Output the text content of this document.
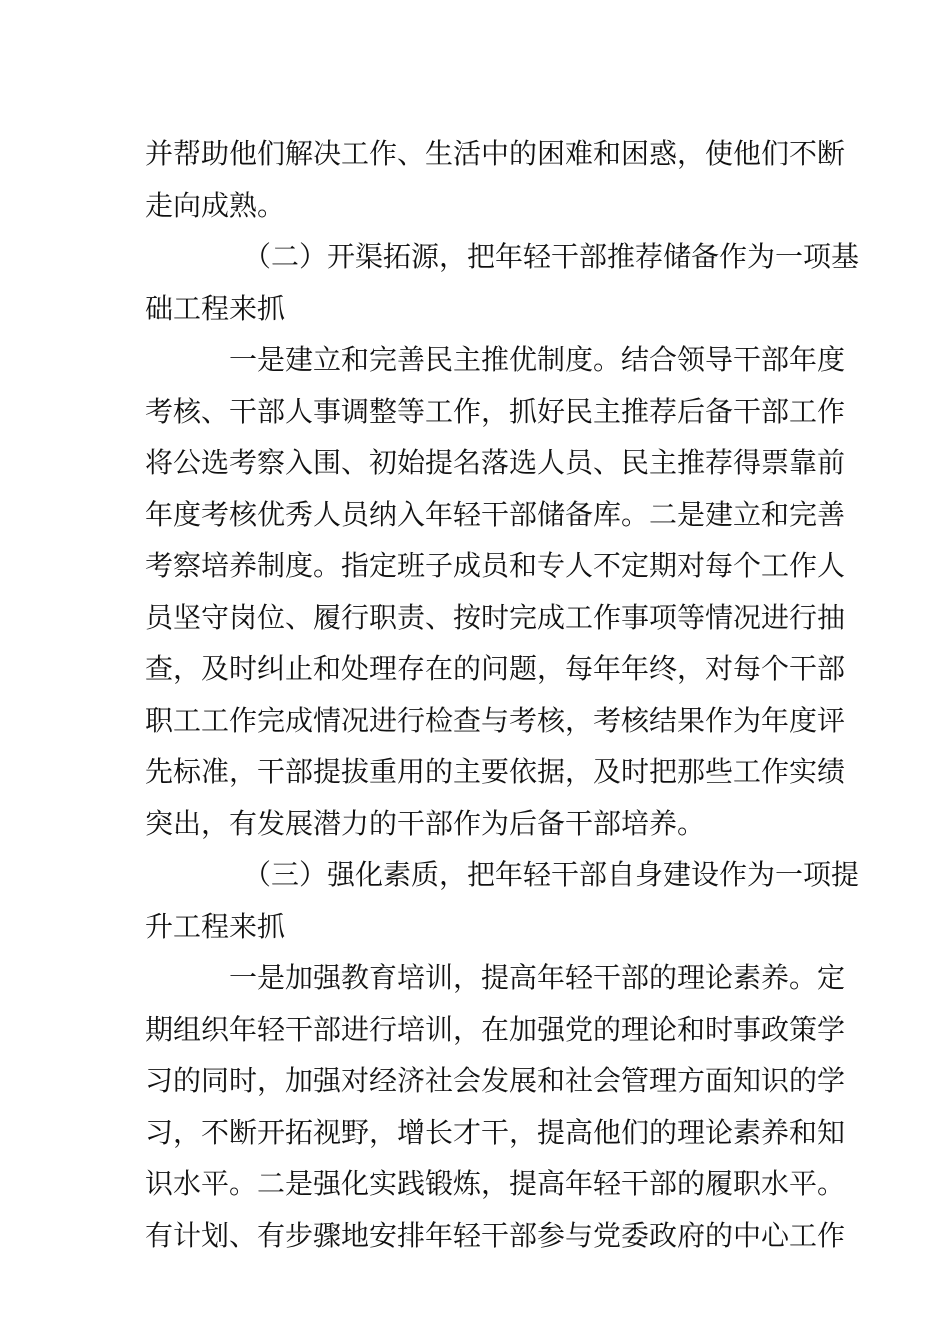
并帮助他们解决工作、生活中的困难和困惑，使他们不断
走向成熟。
（二）开渠拓源，把年轻干部推荐储备作为一项基
础工程来抓
一是建立和完善民主推优制度。结合领导干部年度
考核、干部人事调整等工作，抓好民主推荐后备干部工作
将公选考察入围、初始提名落选人员、民主推荐得票靠前
年度考核优秀人员纳入年轻干部储备库。二是建立和完善
考察培养制度。指定班子成员和专人不定期对每个工作人
员坚守岗位、履行职责、按时完成工作事项等情况进行抽
查，及时纠止和处理存在的问题，每年年终，对每个干部
职工工作完成情况进行检查与考核，考核结果作为年度评
先标准，干部提拔重用的主要依据，及时把那些工作实绩
突出，有发展潜力的干部作为后备干部培养。
（三）强化素质，把年轻干部自身建设作为一项提
升工程来抓
一是加强教育培训，提高年轻干部的理论素养。定
期组织年轻干部进行培训，在加强党的理论和时事政策学
习的同时，加强对经济社会发展和社会管理方面知识的学
习，不断开拓视野，增长才干，提高他们的理论素养和知
识水平。二是强化实践锻炼，提高年轻干部的履职水平。
有计划、有步骤地安排年轻干部参与党委政府的中心工作
